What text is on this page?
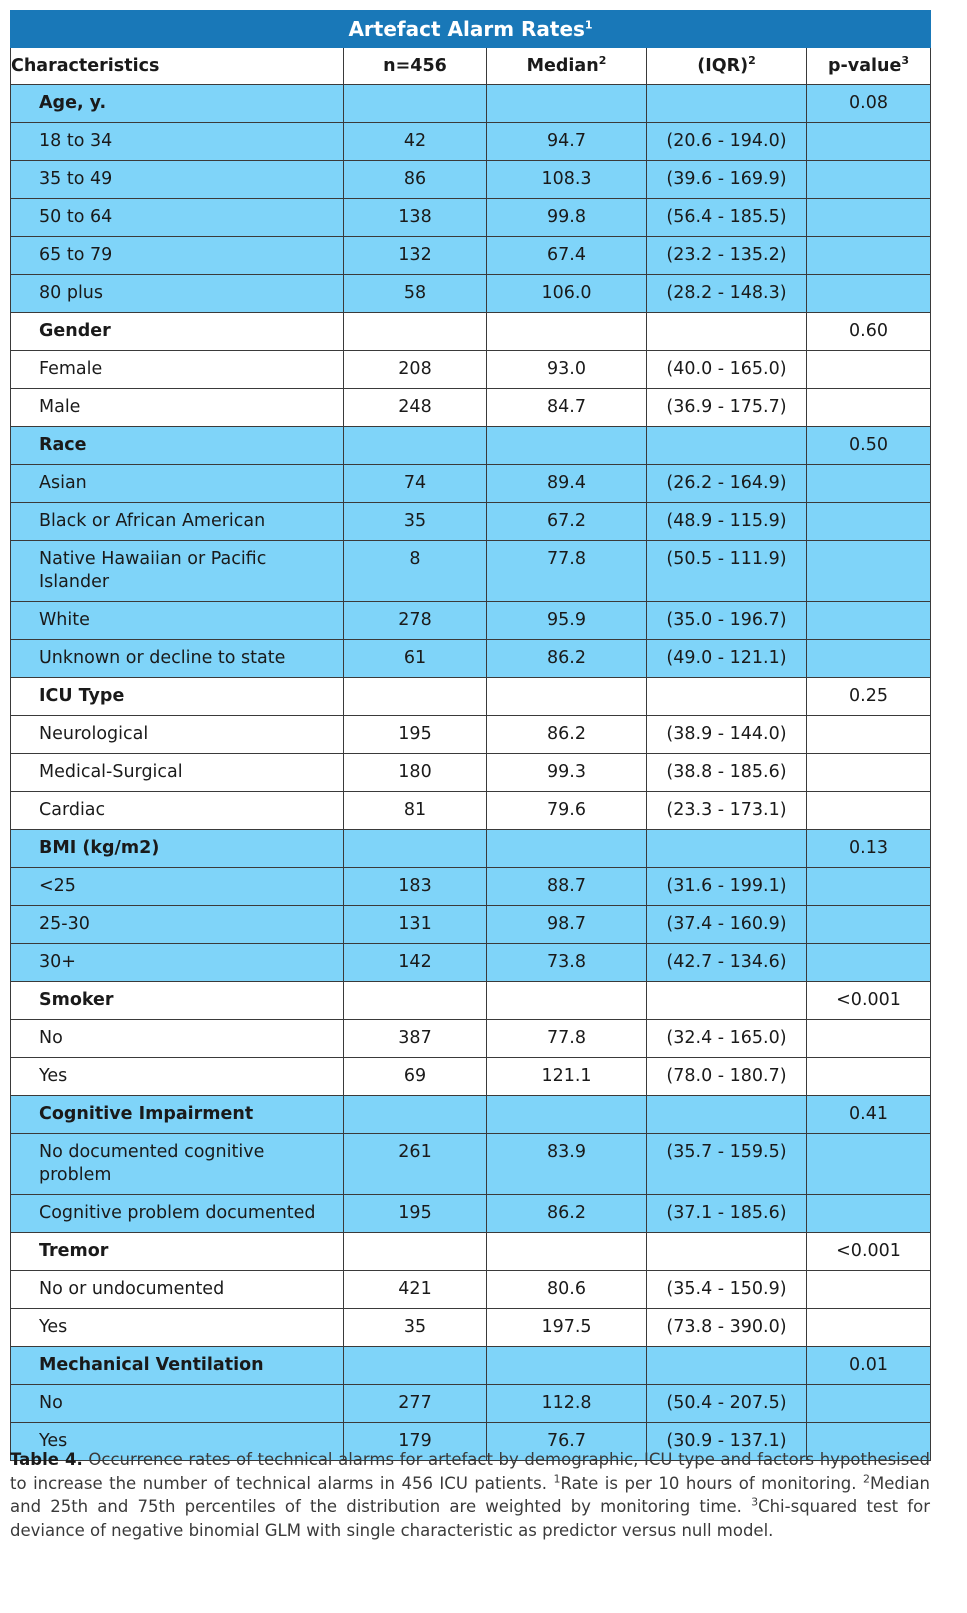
Artefact Alarm Rates$^1$
Characteristics	n=456	Median$^2$	(IQR)$^2$	p-value$^3$
Age, y.				0.08
18 to 34	42	94.7	(20.6 - 194.0)	
35 to 49	86	108.3	(39.6 - 169.9)	
50 to 64	138	99.8	(56.4 - 185.5)	
65 to 79	132	67.4	(23.2 - 135.2)	
80 plus	58	106.0	(28.2 - 148.3)	
Gender				0.60
Female	208	93.0	(40.0 - 165.0)	
Male	248	84.7	(36.9 - 175.7)	
Race				0.50
Asian	74	89.4	(26.2 - 164.9)	
Black or African American	35	67.2	(48.9 - 115.9)	
Native Hawaiian or Pacific Islander	8	77.8	(50.5 - 111.9)	
White	278	95.9	(35.0 - 196.7)	
Unknown or decline to state	61	86.2	(49.0 - 121.1)	
ICU Type				0.25
Neurological	195	86.2	(38.9 - 144.0)	
Medical-Surgical	180	99.3	(38.8 - 185.6)	
Cardiac	81	79.6	(23.3 - 173.1)	
BMI (kg/m2)				0.13
<25	183	88.7	(31.6 - 199.1)	
25-30	131	98.7	(37.4 - 160.9)	
30+	142	73.8	(42.7 - 134.6)	
Smoker				<0.001
No	387	77.8	(32.4 - 165.0)	
Yes	69	121.1	(78.0 - 180.7)	
Cognitive Impairment				0.41
No documented cognitive problem	261	83.9	(35.7 - 159.5)	
Cognitive problem documented	195	86.2	(37.1 - 185.6)	
Tremor				<0.001
No or undocumented	421	80.6	(35.4 - 150.9)	
Yes	35	197.5	(73.8 - 390.0)	
Mechanical Ventilation				0.01
No	277	112.8	(50.4 - 207.5)	
Yes	179	76.7	(30.9 - 137.1)	
Table 4. Occurrence rates of technical alarms for artefact by demographic, ICU type and factors hypothesised to increase the number of technical alarms in 456 ICU patients. $^1$Rate is per 10 hours of monitoring. $^2$Median and 25th and 75th percentiles of the distribution are weighted by monitoring time. $^3$Chi-squared test for deviance of negative binomial GLM with single characteristic as predictor versus null model.
